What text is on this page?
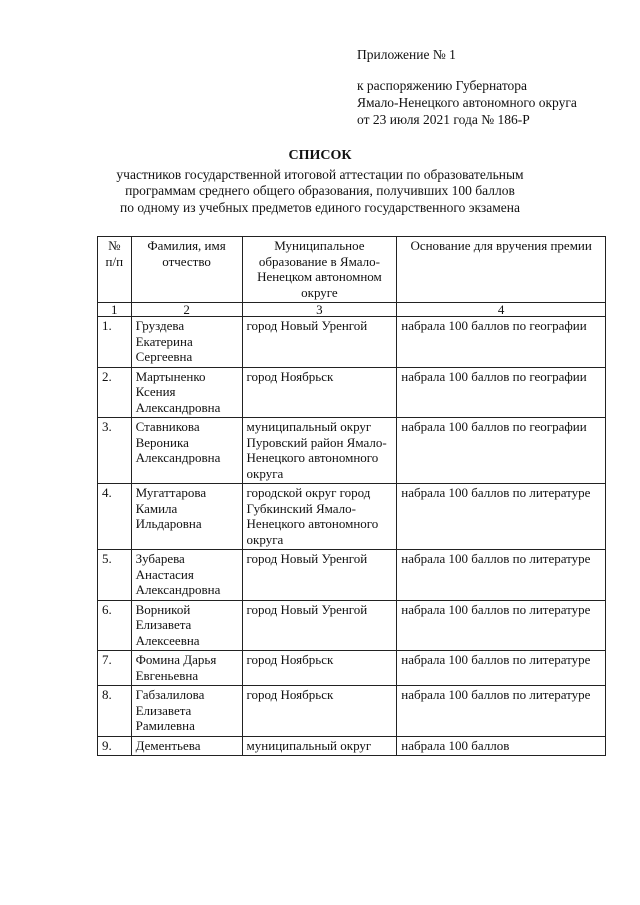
Приложение № 1
к распоряжению Губернатора
Ямало-Ненецкого автономного округа
от 23 июля 2021 года № 186-Р
СПИСОК
участников государственной итоговой аттестации по образовательным
программам среднего общего образования, получивших 100 баллов
по одному из учебных предметов единого государственного экзамена
№ п/п	Фамилия, имя отчество	Муниципальное образование в Ямало-Ненецком автономном округе	Основание для вручения премии
1	2	3	4
1.	Груздева Екатерина Сергеевна	город Новый Уренгой	набрала 100 баллов по географии
2.	Мартыненко Ксения Александровна	город Ноябрьск	набрала 100 баллов по географии
3.	Ставникова Вероника Александровна	муниципальный округ Пуровский район Ямало-Ненецкого автономного округа	набрала 100 баллов по географии
4.	Мугаттарова Камила Ильдаровна	городской округ город Губкинский Ямало-Ненецкого автономного округа	набрала 100 баллов по литературе
5.	Зубарева Анастасия Александровна	город Новый Уренгой	набрала 100 баллов по литературе
6.	Ворникой Елизавета Алексеевна	город Новый Уренгой	набрала 100 баллов по литературе
7.	Фомина Дарья Евгеньевна	город Ноябрьск	набрала 100 баллов по литературе
8.	Габзалилова Елизавета Рамилевна	город Ноябрьск	набрала 100 баллов по литературе
9.	Дементьева	муниципальный округ	набрала 100 баллов
